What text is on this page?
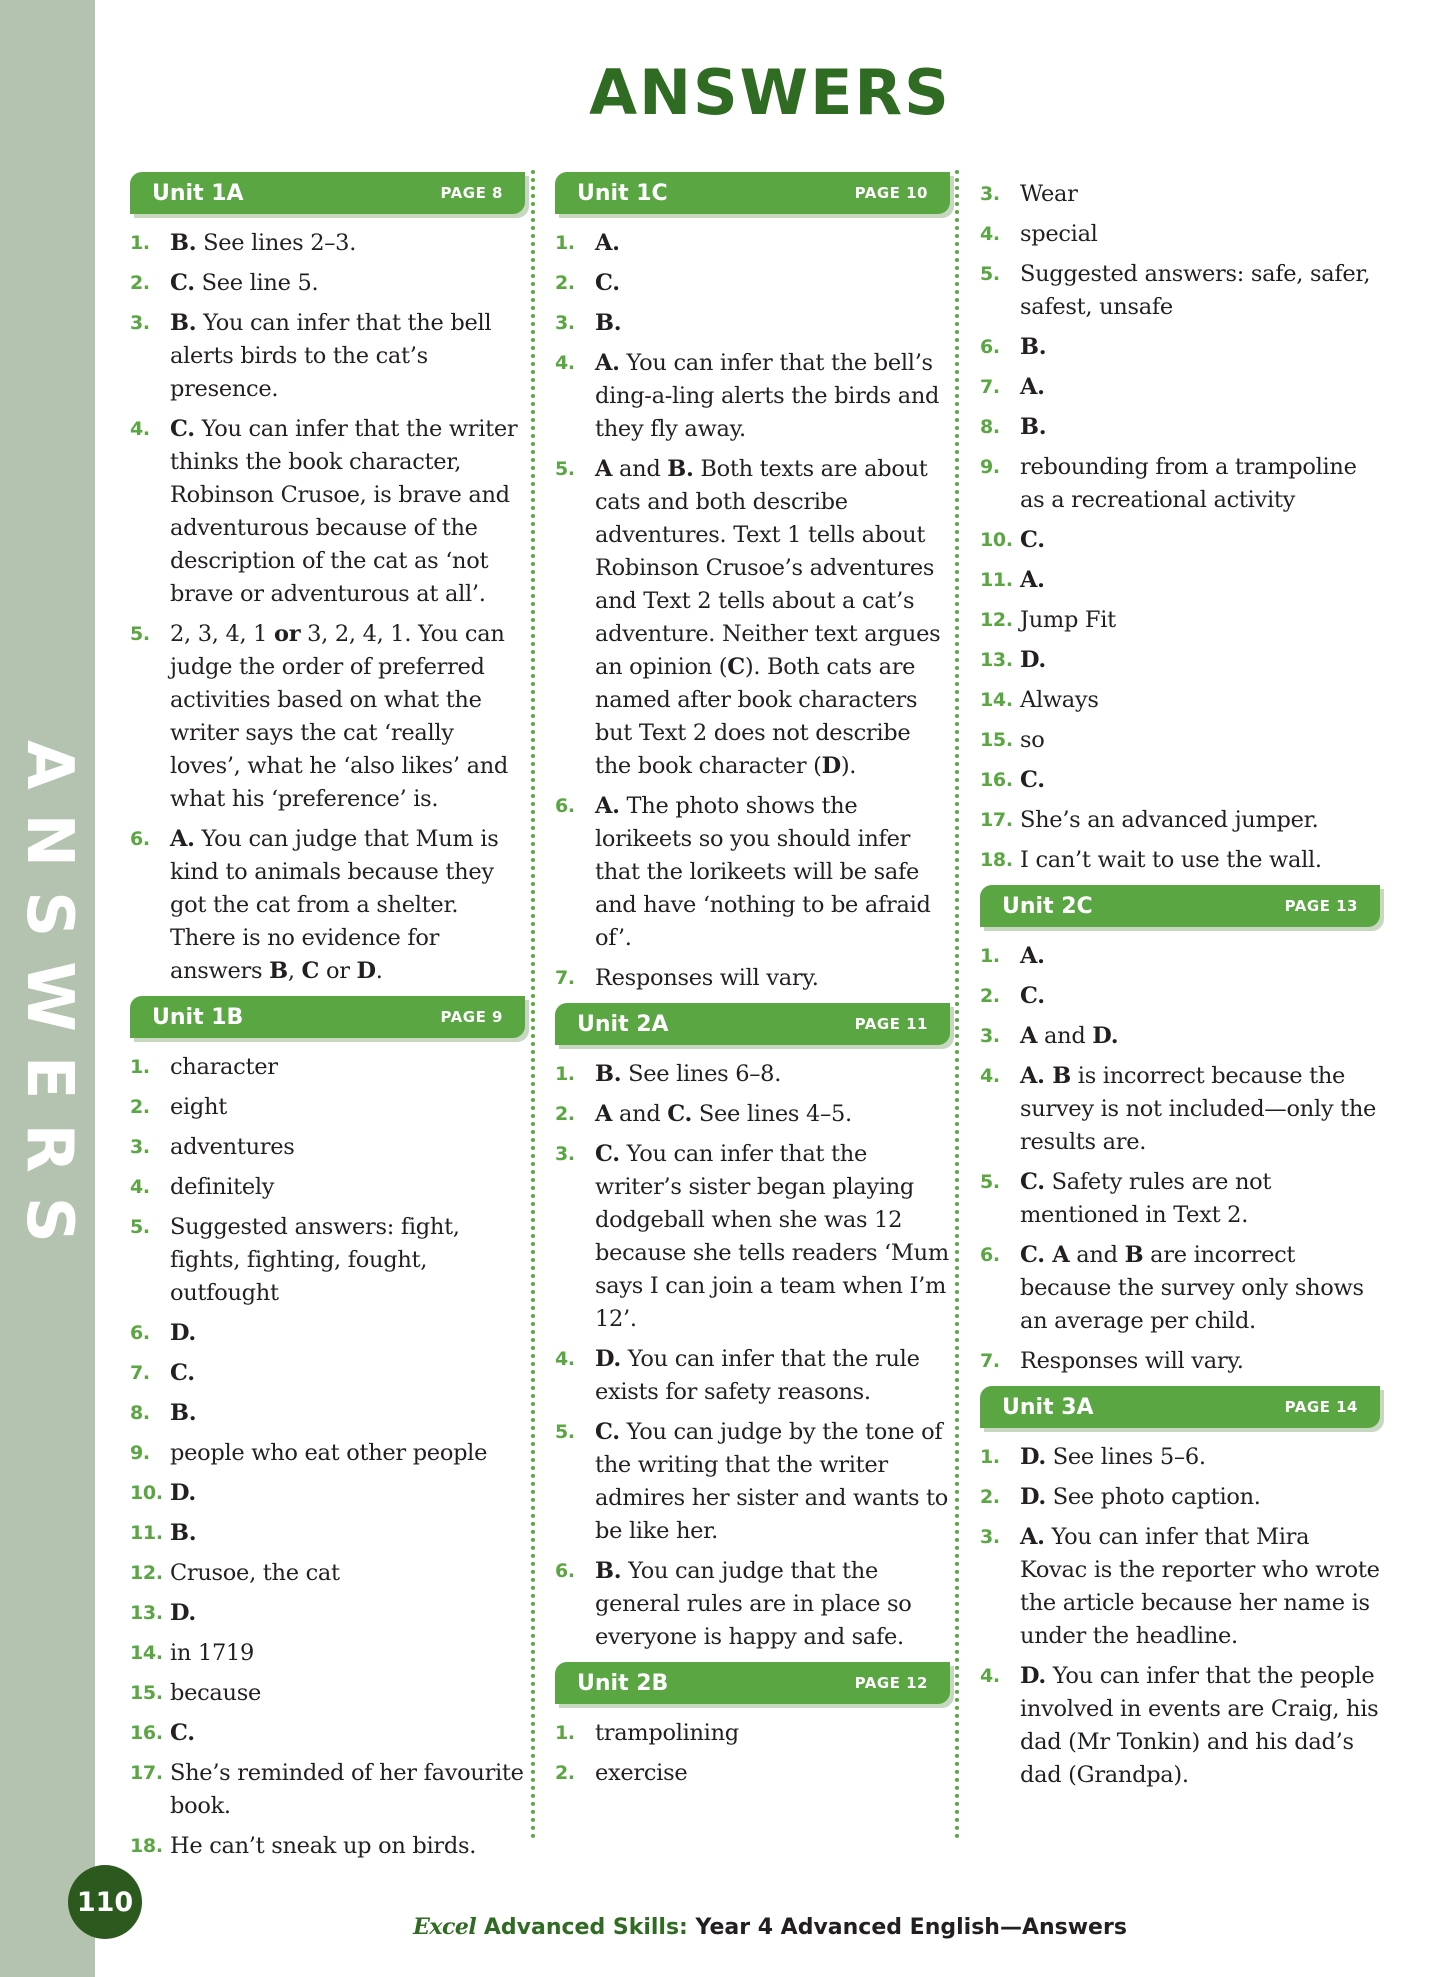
ANSWERS
110
ANSWERS
Unit 1A	PAGE 8
1. B. See lines 2–3.
2. C. See line 5.
3. B. You can infer that the bell alerts birds to the cat’s presence.
4. C. You can infer that the writer thinks the book character, Robinson Crusoe, is brave and adventurous because of the description of the cat as ‘not brave or adventurous at all’.
5. 2, 3, 4, 1 or 3, 2, 4, 1. You can judge the order of preferred activities based on what the writer says the cat ‘really loves’, what he ‘also likes’ and what his ‘preference’ is.
6. A. You can judge that Mum is kind to animals because they got the cat from a shelter. There is no evidence for answers B, C or D.
Unit 1B	PAGE 9
1. character
2. eight
3. adventures
4. definitely
5. Suggested answers: fight, fights, fighting, fought, outfought
6. D.
7. C.
8. B.
9. people who eat other people
10. D.
11. B.
12. Crusoe, the cat
13. D.
14. in 1719
15. because
16. C.
17. She’s reminded of her favourite book.
18. He can’t sneak up on birds.
Unit 1C	PAGE 10
1. A.
2. C.
3. B.
4. A. You can infer that the bell’s ding-a-ling alerts the birds and they fly away.
5. A and B. Both texts are about cats and both describe adventures. Text 1 tells about Robinson Crusoe’s adventures and Text 2 tells about a cat’s adventure. Neither text argues an opinion (C). Both cats are named after book characters but Text 2 does not describe the book character (D).
6. A. The photo shows the lorikeets so you should infer that the lorikeets will be safe and have ‘nothing to be afraid of’.
7. Responses will vary.
Unit 2A	PAGE 11
1. B. See lines 6–8.
2. A and C. See lines 4–5.
3. C. You can infer that the writer’s sister began playing dodgeball when she was 12 because she tells readers ‘Mum says I can join a team when I’m 12’.
4. D. You can infer that the rule exists for safety reasons.
5. C. You can judge by the tone of the writing that the writer admires her sister and wants to be like her.
6. B. You can judge that the general rules are in place so everyone is happy and safe.
Unit 2B	PAGE 12
1. trampolining
2. exercise
3. Wear
4. special
5. Suggested answers: safe, safer, safest, unsafe
6. B.
7. A.
8. B.
9. rebounding from a trampoline as a recreational activity
10. C.
11. A.
12. Jump Fit
13. D.
14. Always
15. so
16. C.
17. She’s an advanced jumper.
18. I can’t wait to use the wall.
Unit 2C	PAGE 13
1. A.
2. C.
3. A and D.
4. A. B is incorrect because the survey is not included—only the results are.
5. C. Safety rules are not mentioned in Text 2.
6. C. A and B are incorrect because the survey only shows an average per child.
7. Responses will vary.
Unit 3A	PAGE 14
1. D. See lines 5–6.
2. D. See photo caption.
3. A. You can infer that Mira Kovac is the reporter who wrote the article because her name is under the headline.
4. D. You can infer that the people involved in events are Craig, his dad (Mr Tonkin) and his dad’s dad (Grandpa).
Excel Advanced Skills: Year 4 Advanced English—Answers
